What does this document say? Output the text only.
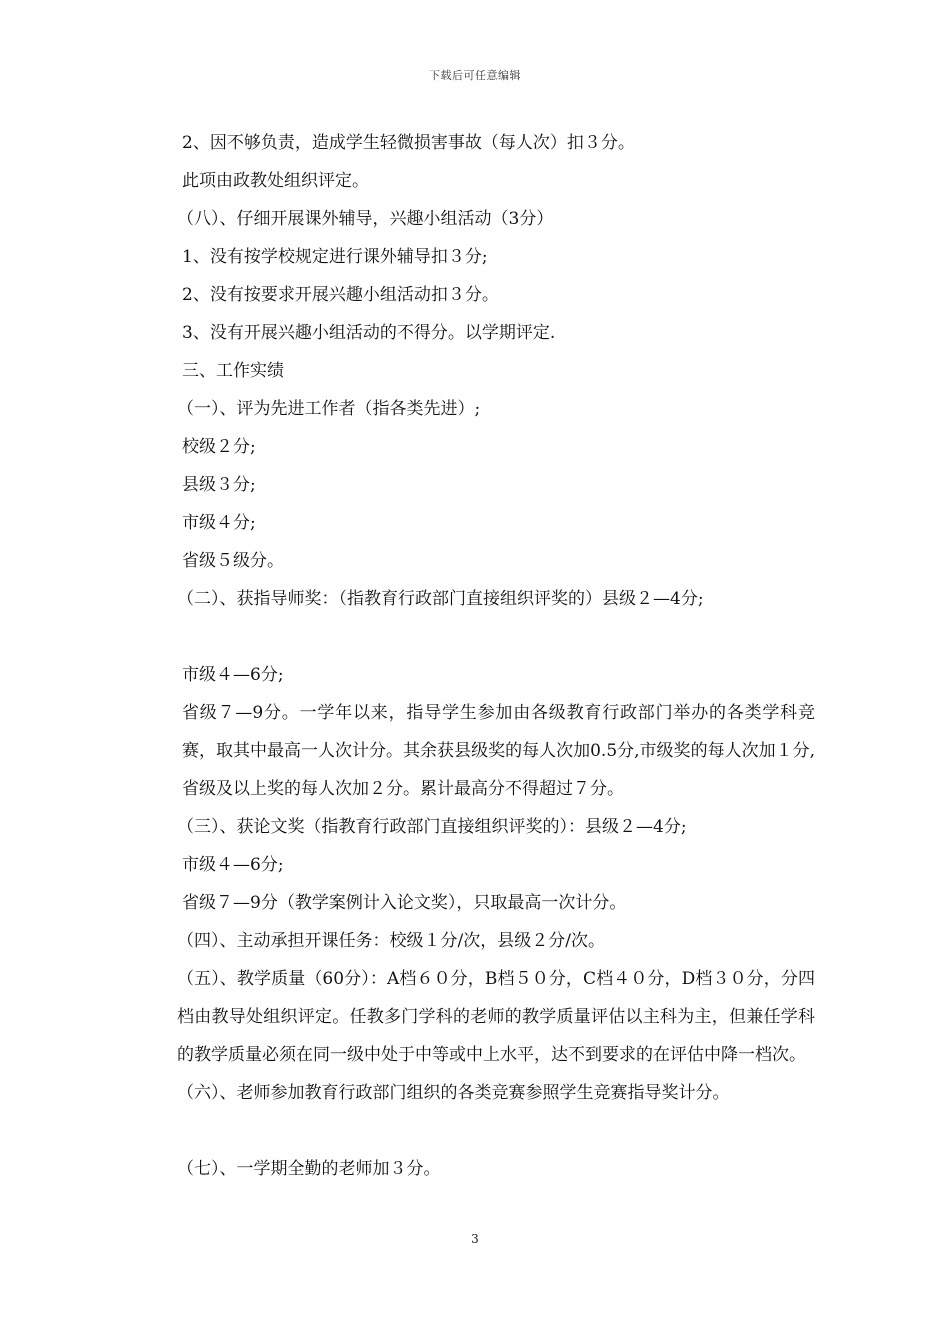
下载后可任意编辑
2、因不够负责，造成学生轻微损害事故（每人次）扣３分。
此项由政教处组织评定。
（八）、仔细开展课外辅导，兴趣小组活动（3分）
1、没有按学校规定进行课外辅导扣３分;
2、没有按要求开展兴趣小组活动扣３分。
3、没有开展兴趣小组活动的不得分。以学期评定.
三、工作实绩
（一）、评为先进工作者（指各类先进）;
校级２分;
县级３分;
市级４分;
省级５级分。
（二）、获指导师奖：（指教育行政部门直接组织评奖的）县级２—4分;
市级４—6分;
省级７—9分。一学年以来，指导学生参加由各级教育行政部门举办的各类学科竞赛，取其中最高一人次计分。其余获县级奖的每人次加0.5分,市级奖的每人次加１分,省级及以上奖的每人次加２分。累计最高分不得超过７分。
（三）、获论文奖（指教育行政部门直接组织评奖的）：县级２—4分;
市级４—6分;
省级７—9分（教学案例计入论文奖），只取最高一次计分。
（四）、主动承担开课任务：校级１分/次，县级２分/次。
（五）、教学质量（60分）：A档６０分，B档５０分，C档４０分，D档３０分，分四档由教导处组织评定。任教多门学科的老师的教学质量评估以主科为主，但兼任学科的教学质量必须在同一级中处于中等或中上水平，达不到要求的在评估中降一档次。
（六）、老师参加教育行政部门组织的各类竞赛参照学生竞赛指导奖计分。
（七）、一学期全勤的老师加３分。
3
